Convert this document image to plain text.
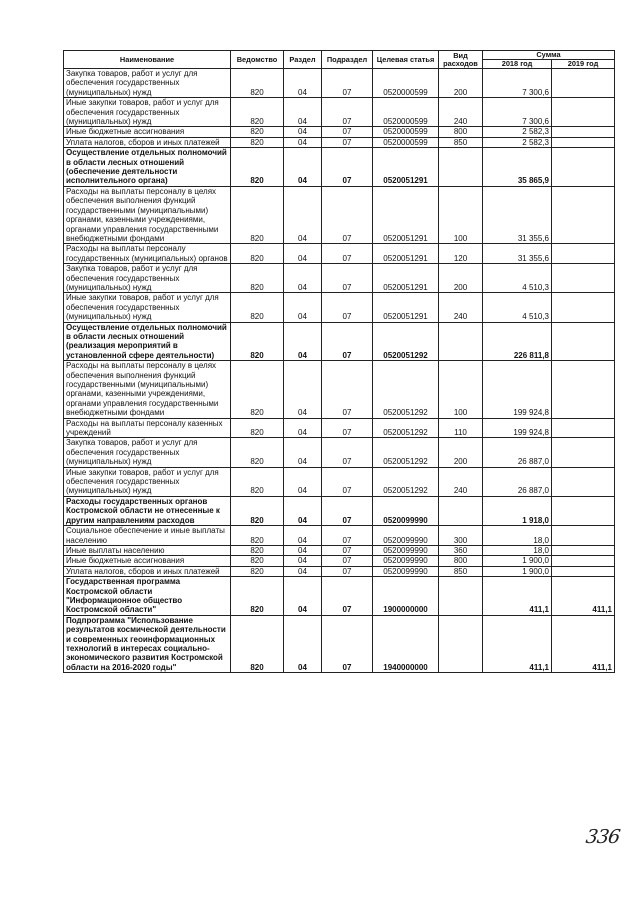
Наименование	Ведомство	Раздел	Подраздел	Целевая статья	Вид расходов	Сумма	
						2018 год	2019 год
Закупка товаров, работ и услуг для обеспечения государственных (муниципальных) нужд	820	04	07	0520000599	200	7 300,6	
Иные закупки товаров, работ и услуг для обеспечения государственных (муниципальных) нужд	820	04	07	0520000599	240	7 300,6	
Иные бюджетные ассигнования	820	04	07	0520000599	800	2 582,3	
Уплата налогов, сборов и иных платежей	820	04	07	0520000599	850	2 582,3	
Осуществление отдельных полномочий в области лесных отношений (обеспечение деятельности исполнительного органа)	820	04	07	0520051291		35 865,9	
Расходы на выплаты персоналу в целях обеспечения выполнения функций государственными (муниципальными) органами, казенными учреждениями, органами управления государственными внебюджетными фондами	820	04	07	0520051291	100	31 355,6	
Расходы на выплаты персоналу государственных (муниципальных) органов	820	04	07	0520051291	120	31 355,6	
Закупка товаров, работ и услуг для обеспечения государственных (муниципальных) нужд	820	04	07	0520051291	200	4 510,3	
Иные закупки товаров, работ и услуг для обеспечения государственных (муниципальных) нужд	820	04	07	0520051291	240	4 510,3	
Осуществление отдельных полномочий в области лесных отношений (реализация мероприятий в установленной сфере деятельности)	820	04	07	0520051292		226 811,8	
Расходы на выплаты персоналу в целях обеспечения выполнения функций государственными (муниципальными) органами, казенными учреждениями, органами управления государственными внебюджетными фондами	820	04	07	0520051292	100	199 924,8	
Расходы на выплаты персоналу казенных учреждений	820	04	07	0520051292	110	199 924,8	
Закупка товаров, работ и услуг для обеспечения государственных (муниципальных) нужд	820	04	07	0520051292	200	26 887,0	
Иные закупки товаров, работ и услуг для обеспечения государственных (муниципальных) нужд	820	04	07	0520051292	240	26 887,0	
Расходы государственных органов Костромской области не отнесенные к другим направлениям расходов	820	04	07	0520099990		1 918,0	
Социальное обеспечение и иные выплаты населению	820	04	07	0520099990	300	18,0	
Иные выплаты населению	820	04	07	0520099990	360	18,0	
Иные бюджетные ассигнования	820	04	07	0520099990	800	1 900,0	
Уплата налогов, сборов и иных платежей	820	04	07	0520099990	850	1 900,0	
Государственная программа Костромской области "Информационное общество Костромской области"	820	04	07	1900000000		411,1	411,1
Подпрограмма "Использование результатов космической деятельности и современных геоинформационных технологий в интересах социально-экономического развития Костромской области на 2016-2020 годы"	820	04	07	1940000000		411,1	411,1
336
